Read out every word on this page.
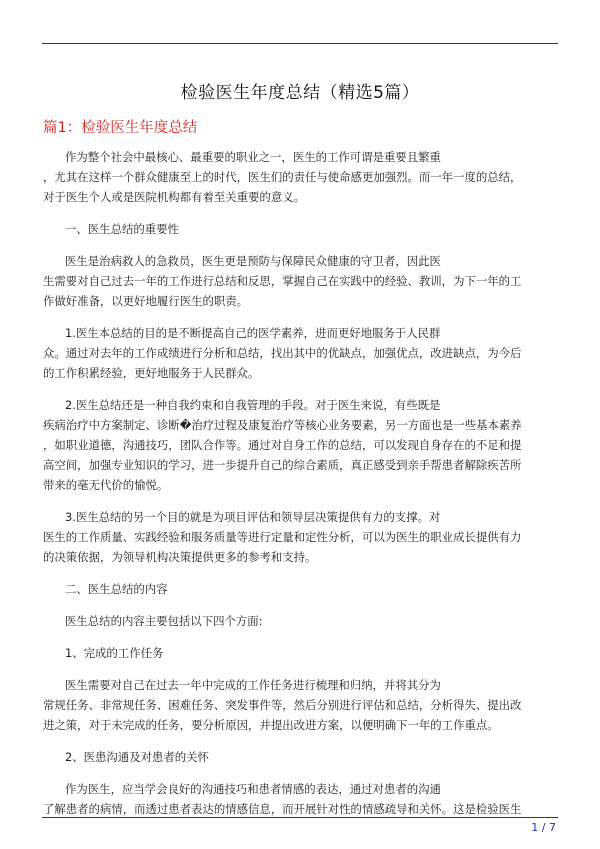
检验医生年度总结（精选5篇）
篇1：检验医生年度总结
作为整个社会中最核心、最重要的职业之一，医生的工作可谓是重要且繁重
，尤其在这样一个群众健康至上的时代，医生们的责任与使命感更加强烈。而一年一度的总结，
对于医生个人或是医院机构都有着至关重要的意义。
一、医生总结的重要性
医生是治病救人的急救员，医生更是预防与保障民众健康的守卫者，因此医
生需要对自己过去一年的工作进行总结和反思，掌握自己在实践中的经验、教训，为下一年的工
作做好准备，以更好地履行医生的职责。
1.医生本总结的目的是不断提高自己的医学素养，进而更好地服务于人民群
众。通过对去年的工作成绩进行分析和总结，找出其中的优缺点，加强优点，改进缺点，为今后
的工作积累经验，更好地服务于人民群众。
2.医生总结还是一种自我约束和自我管理的手段。对于医生来说，有些既是
疾病治疗中方案制定、诊断�治疗过程及康复治疗等核心业务要素，另一方面也是一些基本素养
，如职业道德，沟通技巧，团队合作等。通过对自身工作的总结，可以发现自身存在的不足和提
高空间，加强专业知识的学习，进一步提升自己的综合素质，真正感受到亲手帮患者解除疾苦所
带来的毫无代价的愉悦。
3.医生总结的另一个目的就是为项目评估和领导层决策提供有力的支撑。对
医生的工作质量、实践经验和服务质量等进行定量和定性分析，可以为医生的职业成长提供有力
的决策依据，为领导机构决策提供更多的参考和支持。
二、医生总结的内容
医生总结的内容主要包括以下四个方面:
1、完成的工作任务
医生需要对自己在过去一年中完成的工作任务进行梳理和归纳，并将其分为
常规任务、非常规任务、困难任务、突发事件等，然后分别进行评估和总结，分析得失、提出改
进之策，对于未完成的任务，要分析原因，并提出改进方案，以便明确下一年的工作重点。
2、医患沟通及对患者的关怀
作为医生，应当学会良好的沟通技巧和患者情感的表达，通过对患者的沟通
了解患者的病情，而透过患者表达的情感信息，而开展针对性的情感疏导和关怀。这是检验医生
1 / 7
